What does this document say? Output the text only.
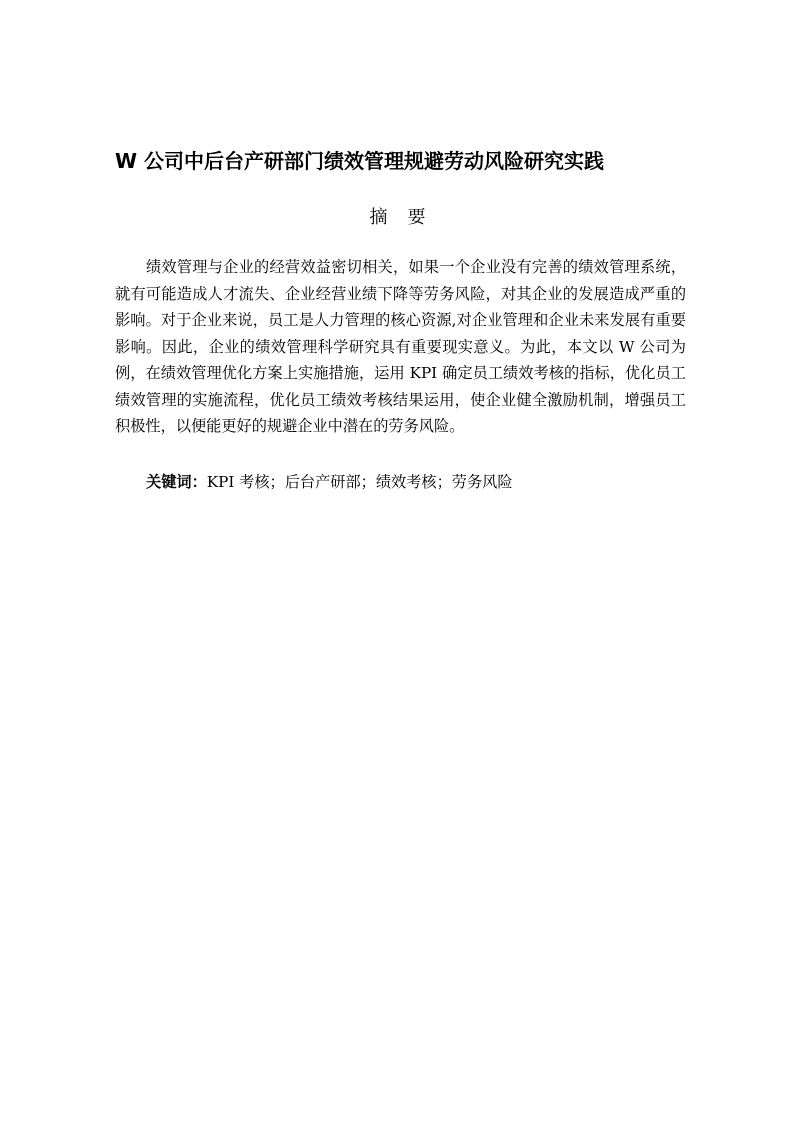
W 公司中后台产研部门绩效管理规避劳动风险研究实践
摘要
绩效管理与企业的经营效益密切相关，如果一个企业没有完善的绩效管理系统，就有可能造成人才流失、企业经营业绩下降等劳务风险，对其企业的发展造成严重的影响。对于企业来说，员工是人力管理的核心资源,对企业管理和企业未来发展有重要影响。因此，企业的绩效管理科学研究具有重要现实意义。为此，本文以 W 公司为例，在绩效管理优化方案上实施措施，运用 KPI 确定员工绩效考核的指标，优化员工绩效管理的实施流程，优化员工绩效考核结果运用，使企业健全激励机制，增强员工积极性，以便能更好的规避企业中潜在的劳务风险。
关键词：KPI 考核；后台产研部；绩效考核；劳务风险
